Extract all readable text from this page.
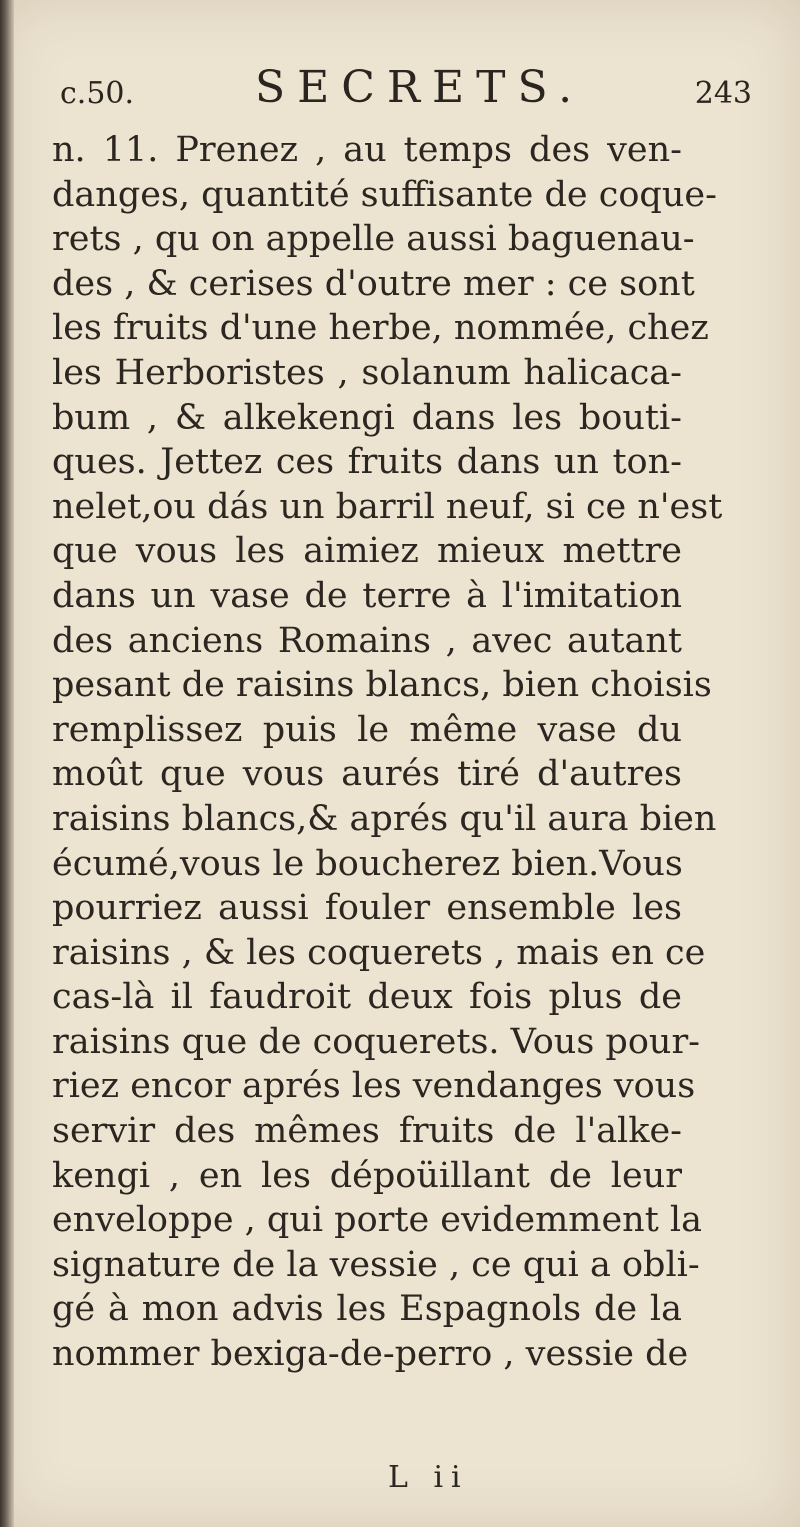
c.50.	SECRETS.	243
n. 11. Prenez , au temps des ven-
danges, quantité suffisante de coque-
rets , qu on appelle aussi baguenau-
des , & cerises d'outre mer : ce sont
les fruits d'une herbe, nommée, chez
les Herboristes , solanum halicaca-
bum , & alkekengi dans les bouti-
ques. Jettez ces fruits dans un ton-
nelet,ou dás un barril neuf, si ce n'est
que vous les aimiez mieux mettre
dans un vase de terre à l'imitation
des anciens Romains , avec autant
pesant de raisins blancs, bien choisis
remplissez puis le même vase du
moût que vous aurés tiré d'autres
raisins blancs,& aprés qu'il aura bien
écumé,vous le boucherez bien.Vous
pourriez aussi fouler ensemble les
raisins , & les coquerets , mais en ce
cas-là il faudroit deux fois plus de
raisins que de coquerets. Vous pour-
riez encor aprés les vendanges vous
servir des mêmes fruits de l'alke-
kengi , en les dépoüillant de leur
enveloppe , qui porte evidemment la
signature de la vessie , ce qui a obli-
gé à mon advis les Espagnols de la
nommer bexiga-de-perro , vessie de
L ii
